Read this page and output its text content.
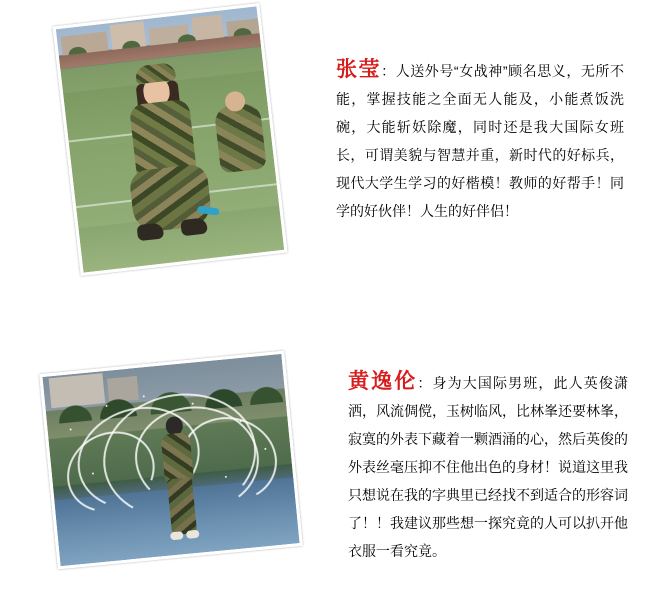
张莹：人送外号“女战神”顾名思义，无所不能，掌握技能之全面无人能及，小能煮饭洗碗，大能斩妖除魔，同时还是我大国际女班长，可谓美貌与智慧并重，新时代的好标兵，现代大学生学习的好楷模！教师的好帮手！同学的好伙伴！人生的好伴侣！
黄逸伦：身为大国际男班，此人英俊潇洒，风流倜傥，玉树临风，比林峯还要林峯，寂寞的外表下藏着一颗酒涌的心，然后英俊的外表丝毫压抑不住他出色的身材！说道这里我只想说在我的字典里已经找不到适合的形容词了！！我建议那些想一探究竟的人可以扒开他衣服一看究竟。
